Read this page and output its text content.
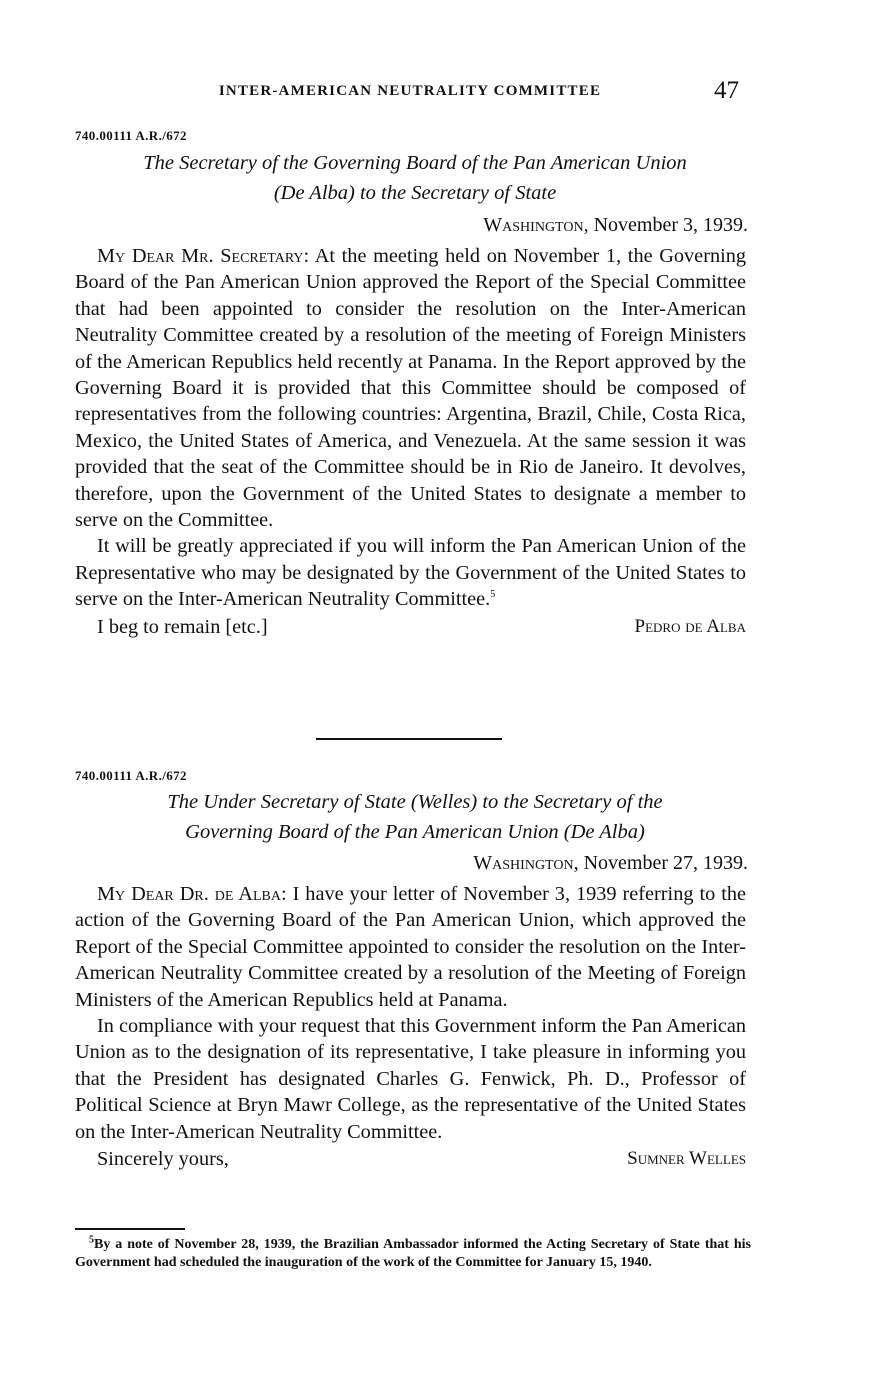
INTER-AMERICAN NEUTRALITY COMMITTEE	47
740.00111 A.R./672
The Secretary of the Governing Board of the Pan American Union
(De Alba) to the Secretary of State
Washington, November 3, 1939.

My Dear Mr. Secretary: At the meeting held on November 1, the Governing Board of the Pan American Union approved the Report of the Special Committee that had been appointed to consider the resolution on the Inter-American Neutrality Committee created by a resolution of the meeting of Foreign Ministers of the American Republics held recently at Panama. In the Report approved by the Governing Board it is provided that this Committee should be composed of representatives from the following countries: Argentina, Brazil, Chile, Costa Rica, Mexico, the United States of America, and Venezuela. At the same session it was provided that the seat of the Committee should be in Rio de Janeiro. It devolves, therefore, upon the Government of the United States to designate a member to serve on the Committee.

It will be greatly appreciated if you will inform the Pan American Union of the Representative who may be designated by the Government of the United States to serve on the Inter-American Neutrality Committee.$^5$

I beg to remain [etc.]	Pedro de Alba
740.00111 A.R./672
The Under Secretary of State (Welles) to the Secretary of the
Governing Board of the Pan American Union (De Alba)
Washington, November 27, 1939.

My Dear Dr. de Alba: I have your letter of November 3, 1939 referring to the action of the Governing Board of the Pan American Union, which approved the Report of the Special Committee appointed to consider the resolution on the Inter-American Neutrality Committee created by a resolution of the Meeting of Foreign Ministers of the American Republics held at Panama.

In compliance with your request that this Government inform the Pan American Union as to the designation of its representative, I take pleasure in informing you that the President has designated Charles G. Fenwick, Ph. D., Professor of Political Science at Bryn Mawr College, as the representative of the United States on the Inter-American Neutrality Committee.

Sincerely yours,	Sumner Welles
$^5$By a note of November 28, 1939, the Brazilian Ambassador informed the Acting Secretary of State that his Government had scheduled the inauguration of the work of the Committee for January 15, 1940.
